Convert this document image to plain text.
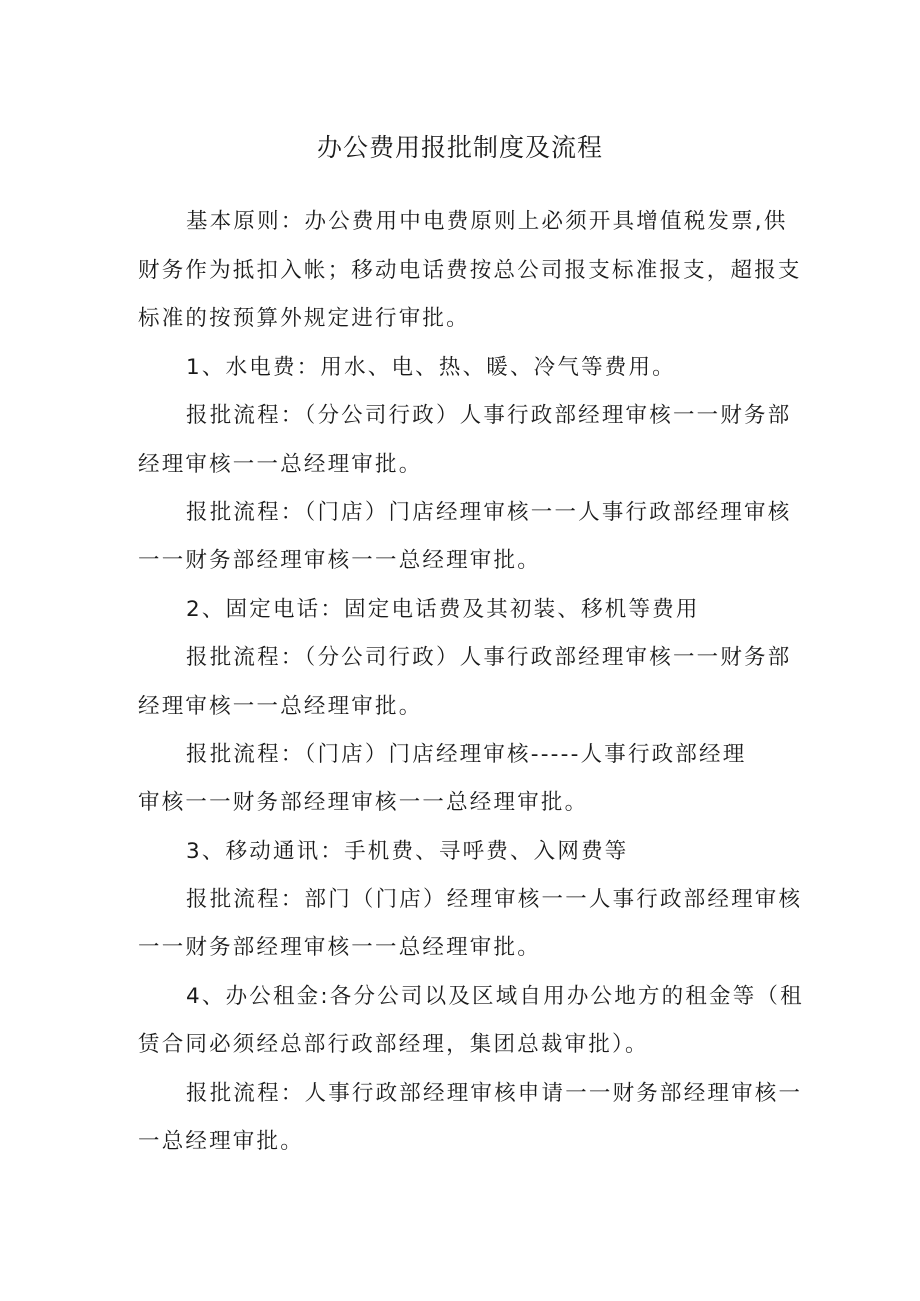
办公费用报批制度及流程
基本原则：办公费用中电费原则上必须开具增值税发票,供
财务作为抵扣入帐；移动电话费按总公司报支标准报支，超报支
标准的按预算外规定进行审批。
1、水电费：用水、电、热、暖、冷气等费用。
报批流程：（分公司行政）人事行政部经理审核一一财务部
经理审核一一总经理审批。
报批流程：（门店）门店经理审核一一人事行政部经理审核
一一财务部经理审核一一总经理审批。
2、固定电话：固定电话费及其初装、移机等费用
报批流程：（分公司行政）人事行政部经理审核一一财务部
经理审核一一总经理审批。
报批流程：（门店）门店经理审核-----人事行政部经理
审核一一财务部经理审核一一总经理审批。
3、移动通讯：手机费、寻呼费、入网费等
报批流程：部门（门店）经理审核一一人事行政部经理审核
一一财务部经理审核一一总经理审批。
4、办公租金:各分公司以及区域自用办公地方的租金等（租
赁合同必须经总部行政部经理，集团总裁审批）。
报批流程：人事行政部经理审核申请一一财务部经理审核一
一总经理审批。
